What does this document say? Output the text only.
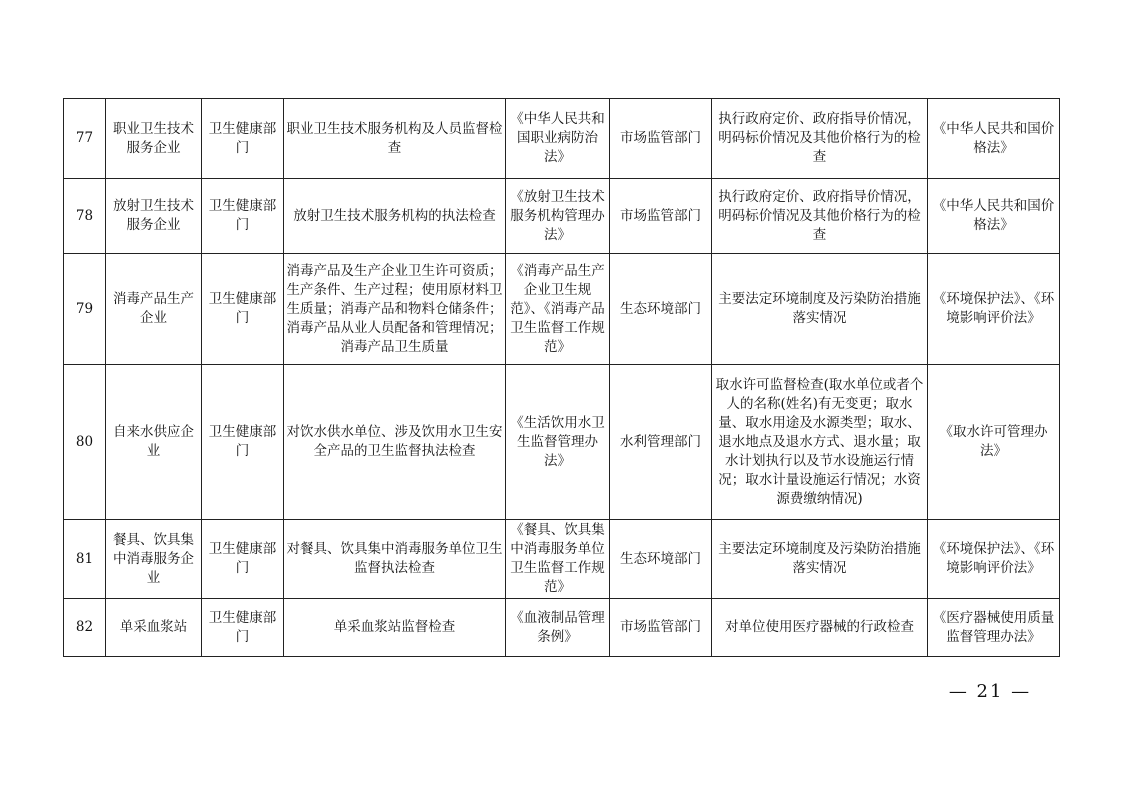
77	职业卫生技术服务企业	卫生健康部门	职业卫生技术服务机构及人员监督检查	《中华人民共和国职业病防治法》	市场监管部门	执行政府定价、政府指导价情况，明码标价情况及其他价格行为的检查	《中华人民共和国价格法》
78	放射卫生技术服务企业	卫生健康部门	放射卫生技术服务机构的执法检查	《放射卫生技术服务机构管理办法》	市场监管部门	执行政府定价、政府指导价情况，明码标价情况及其他价格行为的检查	《中华人民共和国价格法》
79	消毒产品生产企业	卫生健康部门	消毒产品及生产企业卫生许可资质；生产条件、生产过程；使用原材料卫生质量；消毒产品和物料仓储条件；消毒产品从业人员配备和管理情况；消毒产品卫生质量	《消毒产品生产企业卫生规范》、《消毒产品卫生监督工作规范》	生态环境部门	主要法定环境制度及污染防治措施落实情况	《环境保护法》、《环境影响评价法》
80	自来水供应企业	卫生健康部门	对饮水供水单位、涉及饮用水卫生安全产品的卫生监督执法检查	《生活饮用水卫生监督管理办法》	水利管理部门	取水许可监督检查(取水单位或者个人的名称(姓名)有无变更；取水量、取水用途及水源类型；取水、退水地点及退水方式、退水量；取水计划执行以及节水设施运行情况；取水计量设施运行情况；水资源费缴纳情况)	《取水许可管理办法》
81	餐具、饮具集中消毒服务企业	卫生健康部门	对餐具、饮具集中消毒服务单位卫生监督执法检查	《餐具、饮具集中消毒服务单位卫生监督工作规范》	生态环境部门	主要法定环境制度及污染防治措施落实情况	《环境保护法》、《环境影响评价法》
82	单采血浆站	卫生健康部门	单采血浆站监督检查	《血液制品管理条例》	市场监管部门	对单位使用医疗器械的行政检查	《医疗器械使用质量监督管理办法》
— 21 —
